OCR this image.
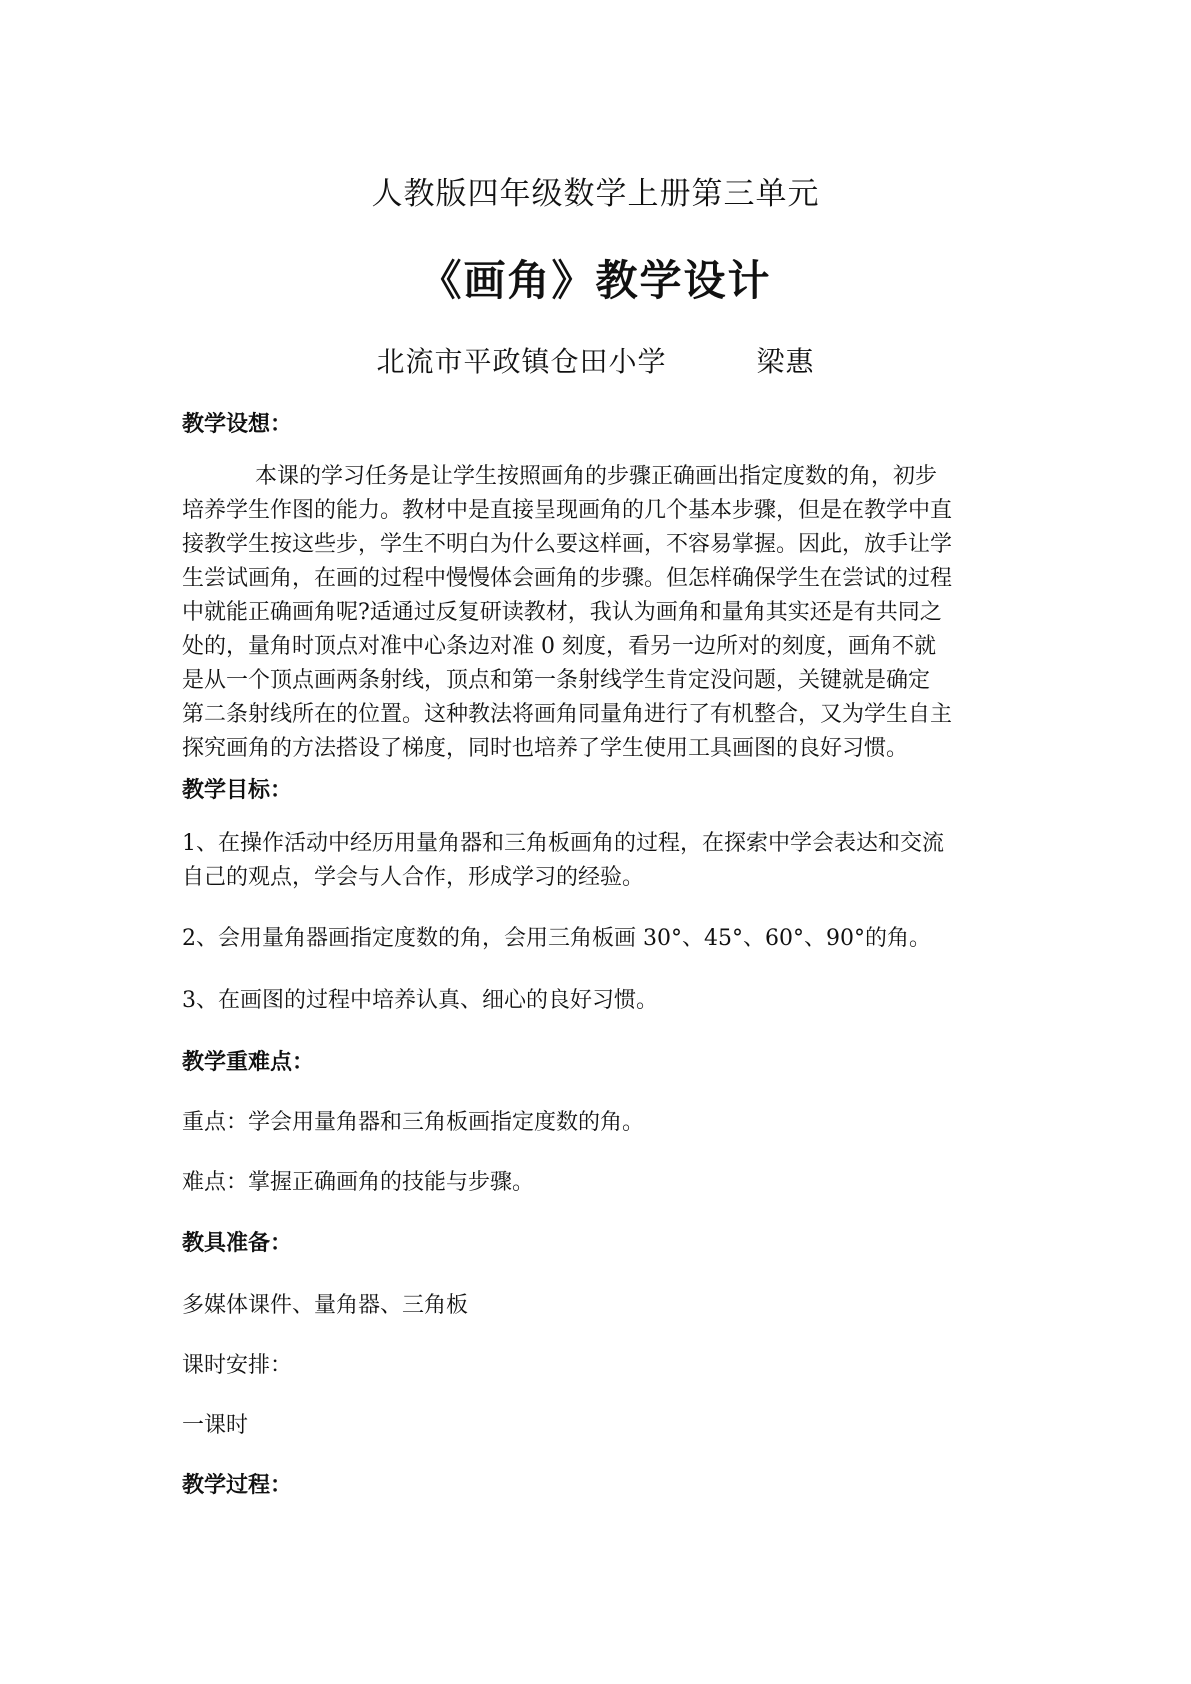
人教版四年级数学上册第三单元
《画角》教学设计
北流市平政镇仓田小学	梁惠
教学设想：
本课的学习任务是让学生按照画角的步骤正确画出指定度数的角，初步
培养学生作图的能力。教材中是直接呈现画角的几个基本步骤，但是在教学中直
接教学生按这些步，学生不明白为什么要这样画，不容易掌握。因此，放手让学
生尝试画角，在画的过程中慢慢体会画角的步骤。但怎样确保学生在尝试的过程
中就能正确画角呢?适通过反复研读教材，我认为画角和量角其实还是有共同之
处的，量角时顶点对准中心条边对准 0 刻度，看另一边所对的刻度，画角不就
是从一个顶点画两条射线，顶点和第一条射线学生肯定没问题，关键就是确定
第二条射线所在的位置。这种教法将画角同量角进行了有机整合，又为学生自主
探究画角的方法搭设了梯度，同时也培养了学生使用工具画图的良好习惯。
教学目标：
1、在操作活动中经历用量角器和三角板画角的过程，在探索中学会表达和交流
自己的观点，学会与人合作，形成学习的经验。
2、会用量角器画指定度数的角，会用三角板画 30°、45°、60°、90°的角。
3、在画图的过程中培养认真、细心的良好习惯。
教学重难点：
重点：学会用量角器和三角板画指定度数的角。
难点：掌握正确画角的技能与步骤。
教具准备：
多媒体课件、量角器、三角板
课时安排：
一课时
教学过程：
